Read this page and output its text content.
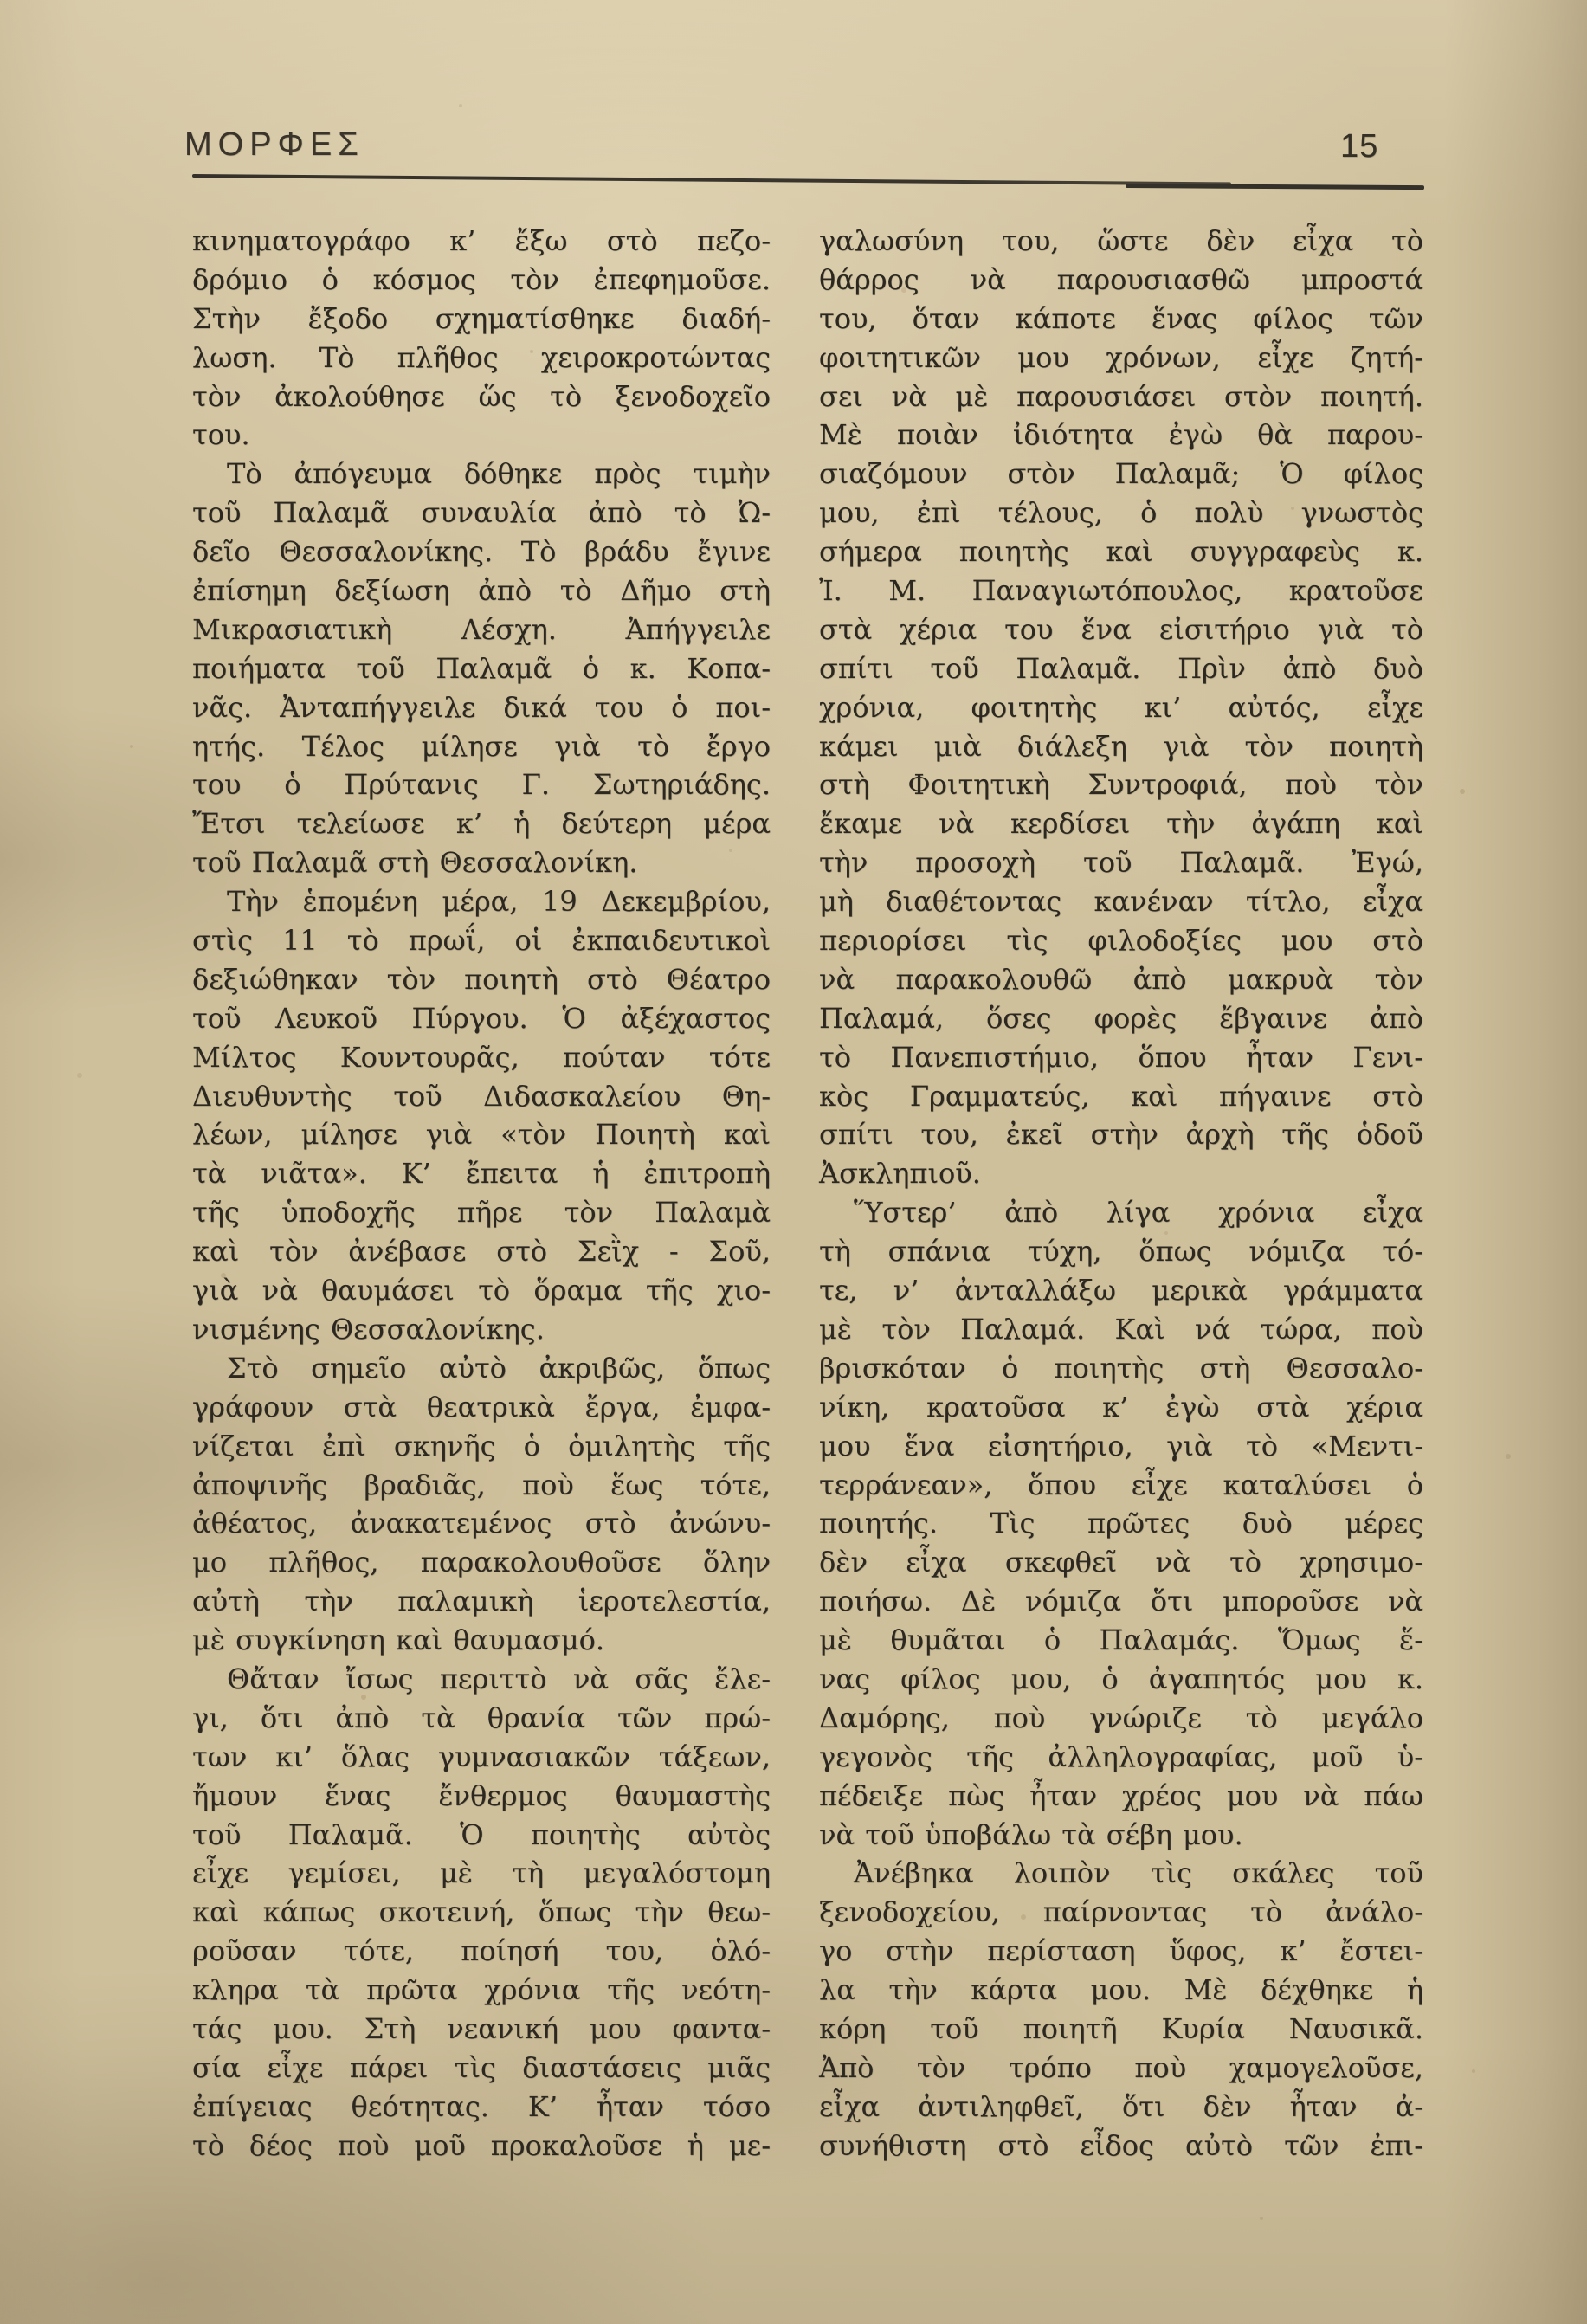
ΜΟΡΦΕΣ	15
κινηματογράφο κ’ ἔξω στὸ πεζο-
δρόμιο ὁ κόσμος τὸν ἐπεφημοῦσε.
Στὴν ἔξοδο σχηματίσθηκε διαδή-
λωση. Τὸ πλῆθος χειροκροτώντας
τὸν ἀκολούθησε ὥς τὸ ξενοδοχεῖο
του.
Τὸ ἀπόγευμα δόθηκε πρὸς τιμὴν
τοῦ Παλαμᾶ συναυλία ἀπὸ τὸ Ὠ-
δεῖο Θεσσαλονίκης. Τὸ βράδυ ἔγινε
ἐπίσημη δεξίωση ἀπὸ τὸ Δῆμο στὴ
Μικρασιατικὴ Λέσχη. Ἀπήγγειλε
ποιήματα τοῦ Παλαμᾶ ὁ κ. Κοπα-
νᾶς. Ἀνταπήγγειλε δικά του ὁ ποι-
ητής. Τέλος μίλησε γιὰ τὸ ἔργο
του ὁ Πρύτανις Γ. Σωτηριάδης.
Ἔτσι τελείωσε κ’ ἡ δεύτερη μέρα
τοῦ Παλαμᾶ στὴ Θεσσαλονίκη.
Τὴν ἑπομένη μέρα, 19 Δεκεμβρίου,
στὶς 11 τὸ πρωΐ, οἱ ἐκπαιδευτικοὶ
δεξιώθηκαν τὸν ποιητὴ στὸ Θέατρο
τοῦ Λευκοῦ Πύργου. Ὁ ἀξέχαστος
Μίλτος Κουντουρᾶς, πούταν τότε
Διευθυντὴς τοῦ Διδασκαλείου Θη-
λέων, μίλησε γιὰ «τὸν Ποιητὴ καὶ
τὰ νιᾶτα». Κ’ ἔπειτα ἡ ἐπιτροπὴ
τῆς ὑποδοχῆς πῆρε τὸν Παλαμὰ
καὶ τὸν ἀνέβασε στὸ Σεῒχ - Σοῦ,
γιὰ νὰ θαυμάσει τὸ ὅραμα τῆς χιο-
νισμένης Θεσσαλονίκης.
Στὸ σημεῖο αὐτὸ ἀκριβῶς, ὅπως
γράφουν στὰ θεατρικὰ ἔργα, ἐμφα-
νίζεται ἐπὶ σκηνῆς ὁ ὁμιλητὴς τῆς
ἀποψινῆς βραδιᾶς, ποὺ ἕως τότε,
ἀθέατος, ἀνακατεμένος στὸ ἀνώνυ-
μο πλῆθος, παρακολουθοῦσε ὅλην
αὐτὴ τὴν παλαμικὴ ἱεροτελεστία,
μὲ συγκίνηση καὶ θαυμασμό.
Θἄταν ἴσως περιττὸ νὰ σᾶς ἔλε-
γι, ὅτι ἀπὸ τὰ θρανία τῶν πρώ-
των κι’ ὅλας γυμνασιακῶν τάξεων,
ἤμουν ἕνας ἔνθερμος θαυμαστὴς
τοῦ Παλαμᾶ. Ὁ ποιητὴς αὐτὸς
εἶχε γεμίσει, μὲ τὴ μεγαλόστομη
καὶ κάπως σκοτεινή, ὅπως τὴν θεω-
ροῦσαν τότε, ποίησή του, ὁλό-
κληρα τὰ πρῶτα χρόνια τῆς νεότη-
τάς μου. Στὴ νεανική μου φαντα-
σία εἶχε πάρει τὶς διαστάσεις μιᾶς
ἐπίγειας θεότητας. Κ’ ἦταν τόσο
τὸ δέος ποὺ μοῦ προκαλοῦσε ἡ με-
γαλωσύνη του, ὥστε δὲν εἶχα τὸ
θάρρος νὰ παρουσιασθῶ μπροστά
του, ὅταν κάποτε ἕνας φίλος τῶν
φοιτητικῶν μου χρόνων, εἶχε ζητή-
σει νὰ μὲ παρουσιάσει στὸν ποιητή.
Μὲ ποιὰν ἰδιότητα ἐγὼ θὰ παρου-
σιαζόμουν στὸν Παλαμᾶ; Ὁ φίλος
μου, ἐπὶ τέλους, ὁ πολὺ γνωστὸς
σήμερα ποιητὴς καὶ συγγραφεὺς κ.
Ἰ. Μ. Παναγιωτόπουλος, κρατοῦσε
στὰ χέρια του ἕνα εἰσιτήριο γιὰ τὸ
σπίτι τοῦ Παλαμᾶ. Πρὶν ἀπὸ δυὸ
χρόνια, φοιτητὴς κι’ αὐτός, εἶχε
κάμει μιὰ διάλεξη γιὰ τὸν ποιητὴ
στὴ Φοιτητικὴ Συντροφιά, ποὺ τὸν
ἔκαμε νὰ κερδίσει τὴν ἀγάπη καὶ
τὴν προσοχὴ τοῦ Παλαμᾶ. Ἐγώ,
μὴ διαθέτοντας κανέναν τίτλο, εἶχα
περιορίσει τὶς φιλοδοξίες μου στὸ
νὰ παρακολουθῶ ἀπὸ μακρυὰ τὸν
Παλαμά, ὅσες φορὲς ἔβγαινε ἀπὸ
τὸ Πανεπιστήμιο, ὅπου ἦταν Γενι-
κὸς Γραμματεύς, καὶ πήγαινε στὸ
σπίτι του, ἐκεῖ στὴν ἀρχὴ τῆς ὁδοῦ
Ἀσκληπιοῦ.
Ὕστερ’ ἀπὸ λίγα χρόνια εἶχα
τὴ σπάνια τύχη, ὅπως νόμιζα τό-
τε, ν’ ἀνταλλάξω μερικὰ γράμματα
μὲ τὸν Παλαμά. Καὶ νά τώρα, ποὺ
βρισκόταν ὁ ποιητὴς στὴ Θεσσαλο-
νίκη, κρατοῦσα κ’ ἐγὼ στὰ χέρια
μου ἕνα εἰσητήριο, γιὰ τὸ «Μεντι-
τερράνεαν», ὅπου εἶχε καταλύσει ὁ
ποιητής. Τὶς πρῶτες δυὸ μέρες
δὲν εἶχα σκεφθεῖ νὰ τὸ χρησιμο-
ποιήσω. Δὲ νόμιζα ὅτι μποροῦσε νὰ
μὲ θυμᾶται ὁ Παλαμάς. Ὅμως ἕ-
νας φίλος μου, ὁ ἀγαπητός μου κ.
Δαμόρης, ποὺ γνώριζε τὸ μεγάλο
γεγονὸς τῆς ἀλληλογραφίας, μοῦ ὑ-
πέδειξε πὼς ἦταν χρέος μου νὰ πάω
νὰ τοῦ ὑποβάλω τὰ σέβη μου.
Ἀνέβηκα λοιπὸν τὶς σκάλες τοῦ
ξενοδοχείου, παίρνοντας τὸ ἀνάλο-
γο στὴν περίσταση ὕφος, κ’ ἔστει-
λα τὴν κάρτα μου. Μὲ δέχθηκε ἡ
κόρη τοῦ ποιητῆ Κυρία Ναυσικᾶ.
Ἀπὸ τὸν τρόπο ποὺ χαμογελοῦσε,
εἶχα ἀντιληφθεῖ, ὅτι δὲν ἦταν ἀ-
συνήθιστη στὸ εἶδος αὐτὸ τῶν ἐπι-
